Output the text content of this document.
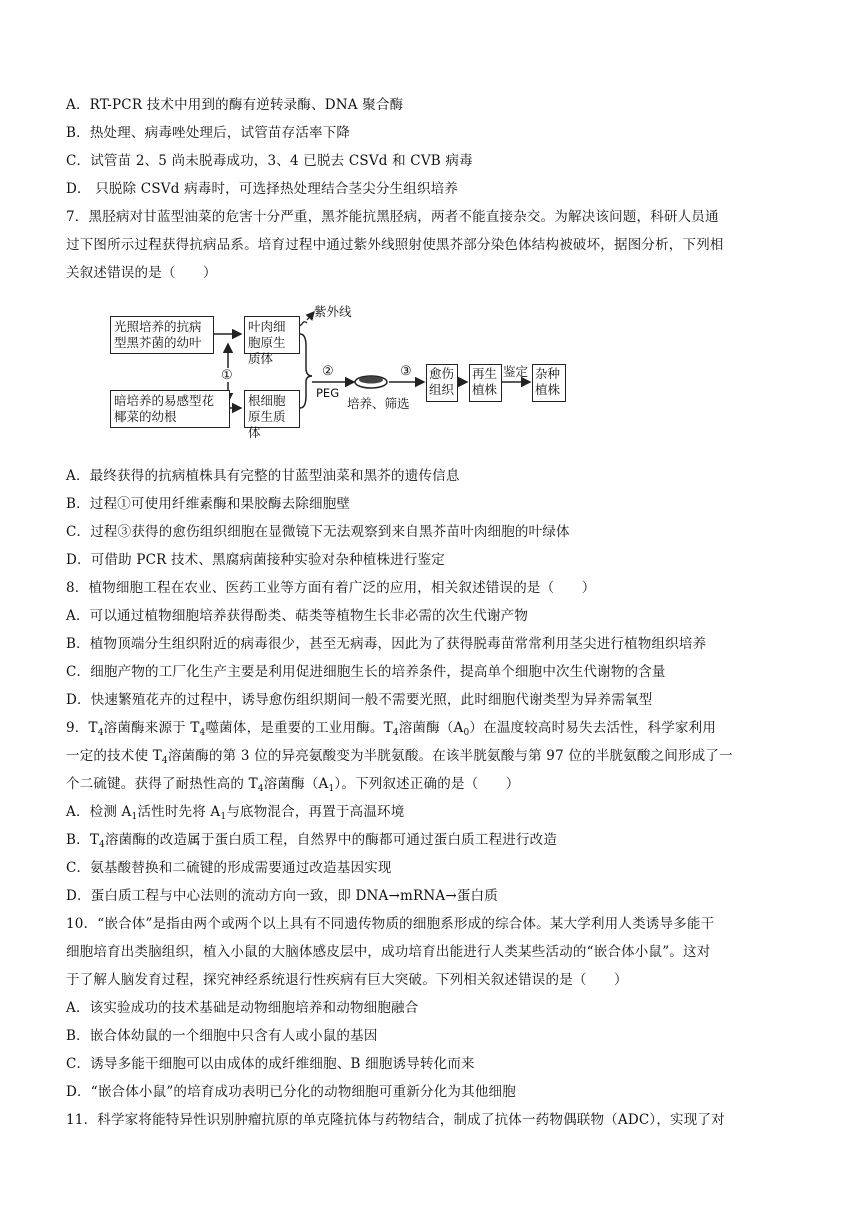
A．RT-PCR 技术中用到的酶有逆转录酶、DNA 聚合酶
B．热处理、病毒唑处理后，试管苗存活率下降
C．试管苗 2、5 尚未脱毒成功，3、4 已脱去 CSVd 和 CVB 病毒
D． 只脱除 CSVd 病毒时，可选择热处理结合茎尖分生组织培养
7．黑胫病对甘蓝型油菜的危害十分严重，黑芥能抗黑胫病，两者不能直接杂交。为解决该问题，科研人员通
过下图所示过程获得抗病品系。培育过程中通过紫外线照射使黑芥部分染色体结构被破坏，据图分析，下列相
关叙述错误的是（　　）
光照培养的抗病型黑芥菌的幼叶
暗培养的易感型花椰菜的幼根
叶肉细胞原生质体
根细胞原生质体
紫外线
①	②
PEG
培养、筛选
③ 愈伤组织
再生植株
鉴定 杂种植株
A．最终获得的抗病植株具有完整的甘蓝型油菜和黑芥的遗传信息
B．过程①可使用纤维素酶和果胶酶去除细胞壁
C．过程③获得的愈伤组织细胞在显微镜下无法观察到来自黑芥苗叶肉细胞的叶绿体
D．可借助 PCR 技术、黑腐病菌接种实验对杂种植株进行鉴定
8．植物细胞工程在农业、医药工业等方面有着广泛的应用，相关叙述错误的是（　　）
A．可以通过植物细胞培养获得酚类、萜类等植物生长非必需的次生代谢产物
B．植物顶端分生组织附近的病毒很少，甚至无病毒，因此为了获得脱毒苗常常利用茎尖进行植物组织培养
C．细胞产物的工厂化生产主要是利用促进细胞生长的培养条件，提高单个细胞中次生代谢物的含量
D．快速繁殖花卉的过程中，诱导愈伤组织期间一般不需要光照，此时细胞代谢类型为异养需氧型
9．$T_4$溶菌酶来源于 $T_4$噬菌体，是重要的工业用酶。$T_4$溶菌酶$(A_0)$在温度较高时易失去活性，科学家利用
一定的技术使 $T_4$溶菌酶的第 3 位的异亮氨酸变为半胱氨酸。在该半胱氨酸与第 97 位的半胱氨酸之间形成了一
个二硫键。获得了耐热性高的 $T_4$溶菌酶$(A_1)$。下列叙述正确的是（　　）
A．检测 $A_1$活性时先将 $A_1$与底物混合，再置于高温环境
B．$T_4$溶菌酶的改造属于蛋白质工程，自然界中的酶都可通过蛋白质工程进行改造
C．氨基酸替换和二硫键的形成需要通过改造基因实现
D．蛋白质工程与中心法则的流动方向一致，即 DNA→mRNA→蛋白质
10．“嵌合体”是指由两个或两个以上具有不同遗传物质的细胞系形成的综合体。某大学利用人类诱导多能干
细胞培育出类脑组织，植入小鼠的大脑体感皮层中，成功培育出能进行人类某些活动的“嵌合体小鼠”。这对
于了解人脑发育过程，探究神经系统退行性疾病有巨大突破。下列相关叙述错误的是（　　）
A．该实验成功的技术基础是动物细胞培养和动物细胞融合
B．嵌合体幼鼠的一个细胞中只含有人或小鼠的基因
C．诱导多能干细胞可以由成体的成纤维细胞、B 细胞诱导转化而来
D．“嵌合体小鼠”的培育成功表明已分化的动物细胞可重新分化为其他细胞
11．科学家将能特异性识别肿瘤抗原的单克隆抗体与药物结合，制成了抗体一药物偶联物（ADC），实现了对
